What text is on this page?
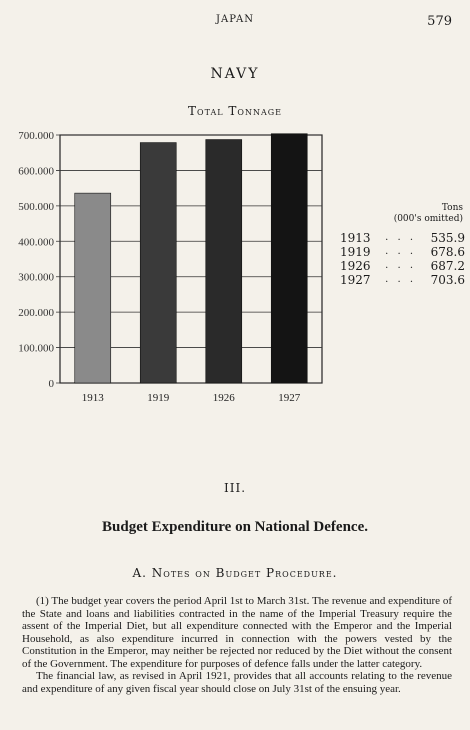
JAPAN	579
NAVY
Total Tonnage
0
100.000
200.000
300.000
400.000
500.000
600.000
700.000
1913	1919	1926	1927
Tons
(000's omitted)
1913	. . .	535.9
1919	. . .	678.6
1926	. . .	687.2
1927	. . .	703.6
III.
Budget Expenditure on National Defence.
A. Notes on Budget Procedure.

(1) The budget year covers the period April 1st to March 31st. The revenue and expenditure of the State and loans and liabilities contracted in the name of the Imperial Treasury require the assent of the Imperial Diet, but all expenditure connected with the Emperor and the Imperial Household, as also expenditure incurred in connection with the powers vested by the Constitution in the Emperor, may neither be rejected nor reduced by the Diet without the consent of the Government. The expenditure for purposes of defence falls under the latter category.

The financial law, as revised in April 1921, provides that all accounts relating to the revenue and expenditure of any given fiscal year should close on July 31st of the ensuing year.
